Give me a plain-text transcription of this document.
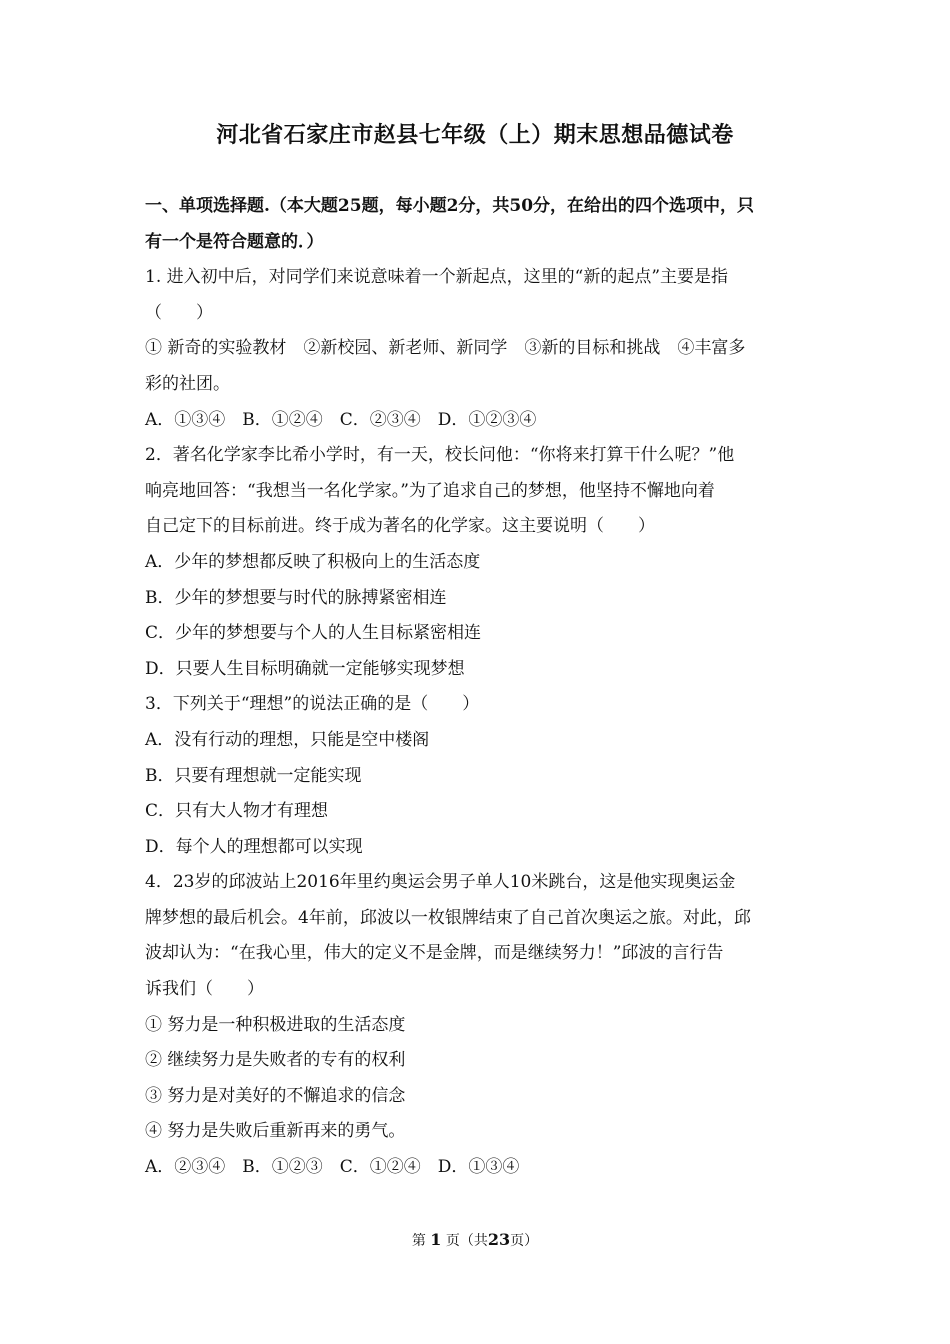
河北省石家庄市赵县七年级（上）期末思想品德试卷
一、单项选择题.（本大题25题，每小题2分，共50分，在给出的四个选项中，只
有一个是符合题意的．）
1. 进入初中后，对同学们来说意味着一个新起点，这里的“新的起点”主要是指
（　　）
① 新奇的实验教材　②新校园、新老师、新同学　③新的目标和挑战　④丰富多
彩的社团。
A．①③④　B．①②④　C．②③④　D．①②③④
2．著名化学家李比希小学时，有一天，校长问他：“你将来打算干什么呢？”他
响亮地回答：“我想当一名化学家。”为了追求自己的梦想，他坚持不懈地向着
自己定下的目标前进。终于成为著名的化学家。这主要说明（　　）
A．少年的梦想都反映了积极向上的生活态度
B．少年的梦想要与时代的脉搏紧密相连
C．少年的梦想要与个人的人生目标紧密相连
D．只要人生目标明确就一定能够实现梦想
3．下列关于“理想”的说法正确的是（　　）
A．没有行动的理想，只能是空中楼阁
B．只要有理想就一定能实现
C．只有大人物才有理想
D．每个人的理想都可以实现
4．23岁的邱波站上2016年里约奥运会男子单人10米跳台，这是他实现奥运金
牌梦想的最后机会。4年前，邱波以一枚银牌结束了自己首次奥运之旅。对此，邱
波却认为：“在我心里，伟大的定义不是金牌，而是继续努力！”邱波的言行告
诉我们（　　）
① 努力是一种积极进取的生活态度
② 继续努力是失败者的专有的权利
③ 努力是对美好的不懈追求的信念
④ 努力是失败后重新再来的勇气。
A．②③④　B．①②③　C．①②④　D．①③④
第 1 页（共23页）
